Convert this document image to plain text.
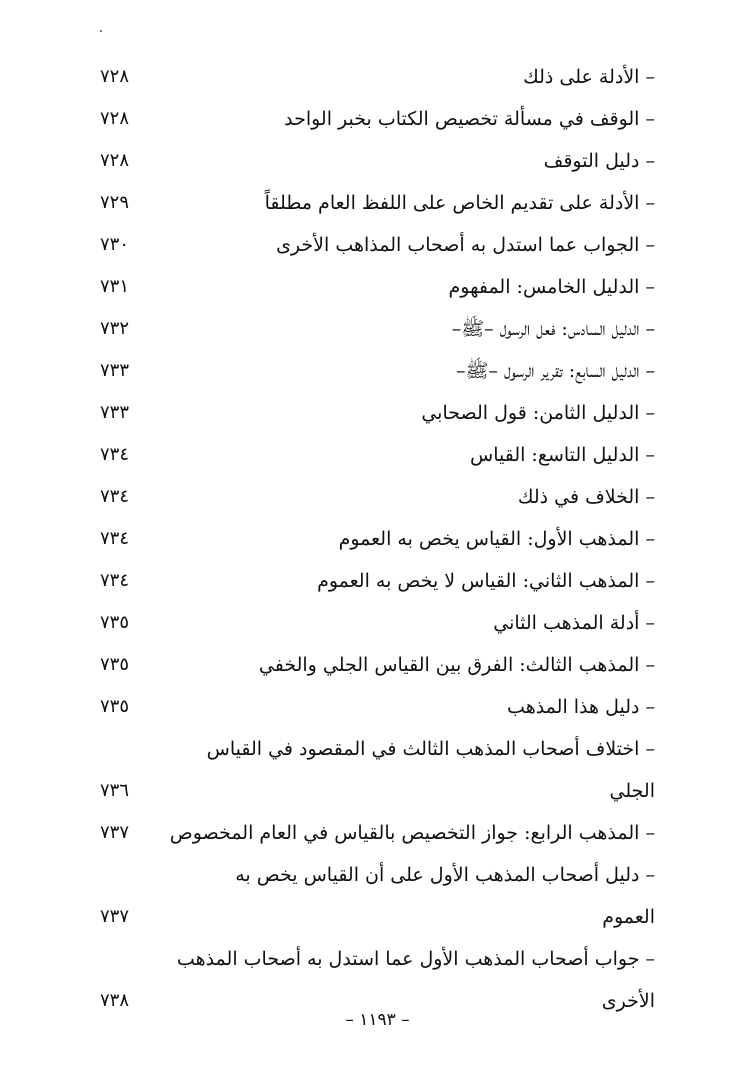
– الأدلة على ذلك
٧٢٨
– الوقف في مسألة تخصيص الكتاب بخبر الواحد
٧٢٨
– دليل التوقف
٧٢٨
– الأدلة على تقديم الخاص على اللفظ العام مطلقاً
٧٢٩
– الجواب عما استدل به أصحاب المذاهب الأخرى
٧٣٠
– الدليل الخامس: المفهوم
٧٣١
– الدليل السادس: فعل الرسول –ﷺ–
٧٣٢
– الدليل السابع: تقرير الرسول –ﷺ–
٧٣٣
– الدليل الثامن: قول الصحابي
٧٣٣
– الدليل التاسع: القياس
٧٣٤
– الخلاف في ذلك
٧٣٤
– المذهب الأول: القياس يخص به العموم
٧٣٤
– المذهب الثاني: القياس لا يخص به العموم
٧٣٤
– أدلة المذهب الثاني
٧٣٥
– المذهب الثالث: الفرق بين القياس الجلي والخفي
٧٣٥
– دليل هذا المذهب
٧٣٥
– اختلاف أصحاب المذهب الثالث في المقصود في القياس
الجلي
٧٣٦
– المذهب الرابع: جواز التخصيص بالقياس في العام المخصوص
٧٣٧
– دليل أصحاب المذهب الأول على أن القياس يخص به
العموم
٧٣٧
– جواب أصحاب المذهب الأول عما استدل به أصحاب المذهب
الأخرى
٧٣٨
– ١١٩٣ –
